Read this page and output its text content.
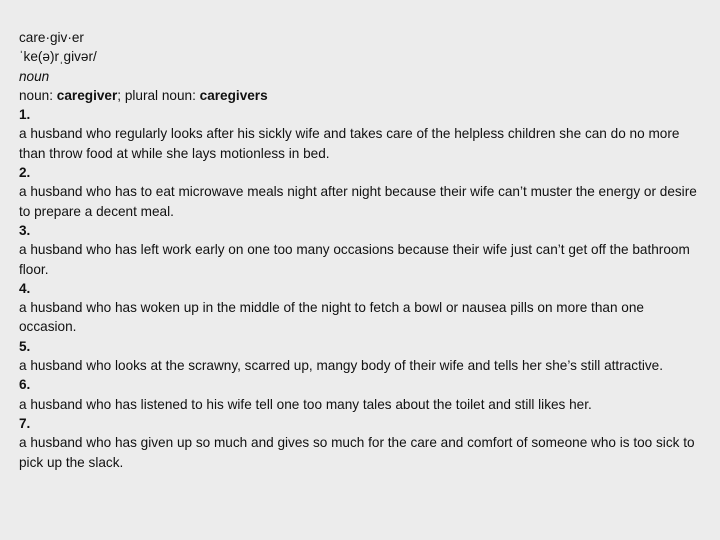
care·giv·er
ˈke(ə)rˌgivər/
noun
noun: caregiver; plural noun: caregivers
1.
a husband who regularly looks after his sickly wife and takes care of the helpless children she can do no more than throw food at while she lays motionless in bed.
2.
a husband who has to eat microwave meals night after night because their wife can’t muster the energy or desire to prepare a decent meal.
3.
a husband who has left work early on one too many occasions because their wife just can’t get off the bathroom floor.
4.
a husband who has woken up in the middle of the night to fetch a bowl or nausea pills on more than one occasion.
5.
a husband who looks at the scrawny, scarred up, mangy body of their wife and tells her she’s still attractive.
6.
a husband who has listened to his wife tell one too many tales about the toilet and still likes her.
7.
a husband who has given up so much and gives so much for the care and comfort of someone who is too sick to pick up the slack.
